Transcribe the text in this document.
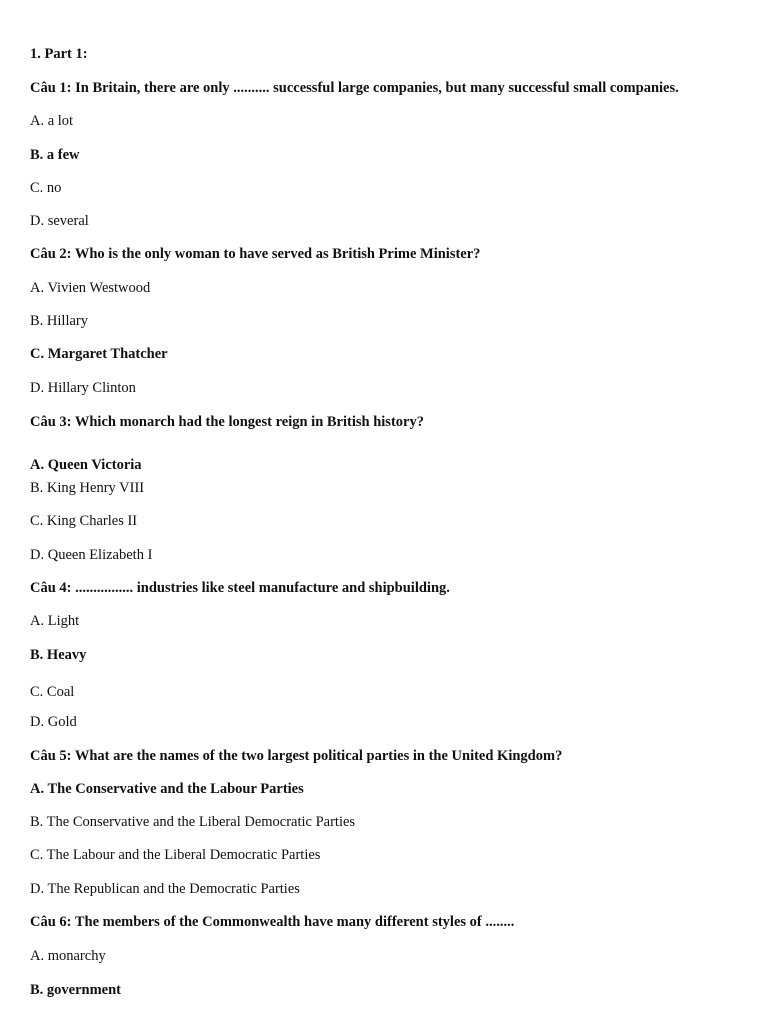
1. Part 1:
Câu 1: In Britain, there are only .......... successful large companies, but many successful small companies.
A. a lot
B. a few
C. no
D. several
Câu 2: Who is the only woman to have served as British Prime Minister?
A. Vivien Westwood
B. Hillary
C. Margaret Thatcher
D. Hillary Clinton
Câu 3: Which monarch had the longest reign in British history?
A. Queen Victoria
B. King Henry VIII
C. King Charles II
D. Queen Elizabeth I
Câu 4: ................ industries like steel manufacture and shipbuilding.
A. Light
B. Heavy
C. Coal
D. Gold
Câu 5: What are the names of the two largest political parties in the United Kingdom?
A. The Conservative and the Labour Parties
B. The Conservative and the Liberal Democratic Parties
C. The Labour and the Liberal Democratic Parties
D. The Republican and the Democratic Parties
Câu 6: The members of the Commonwealth have many different styles of ........
A. monarchy
B. government
